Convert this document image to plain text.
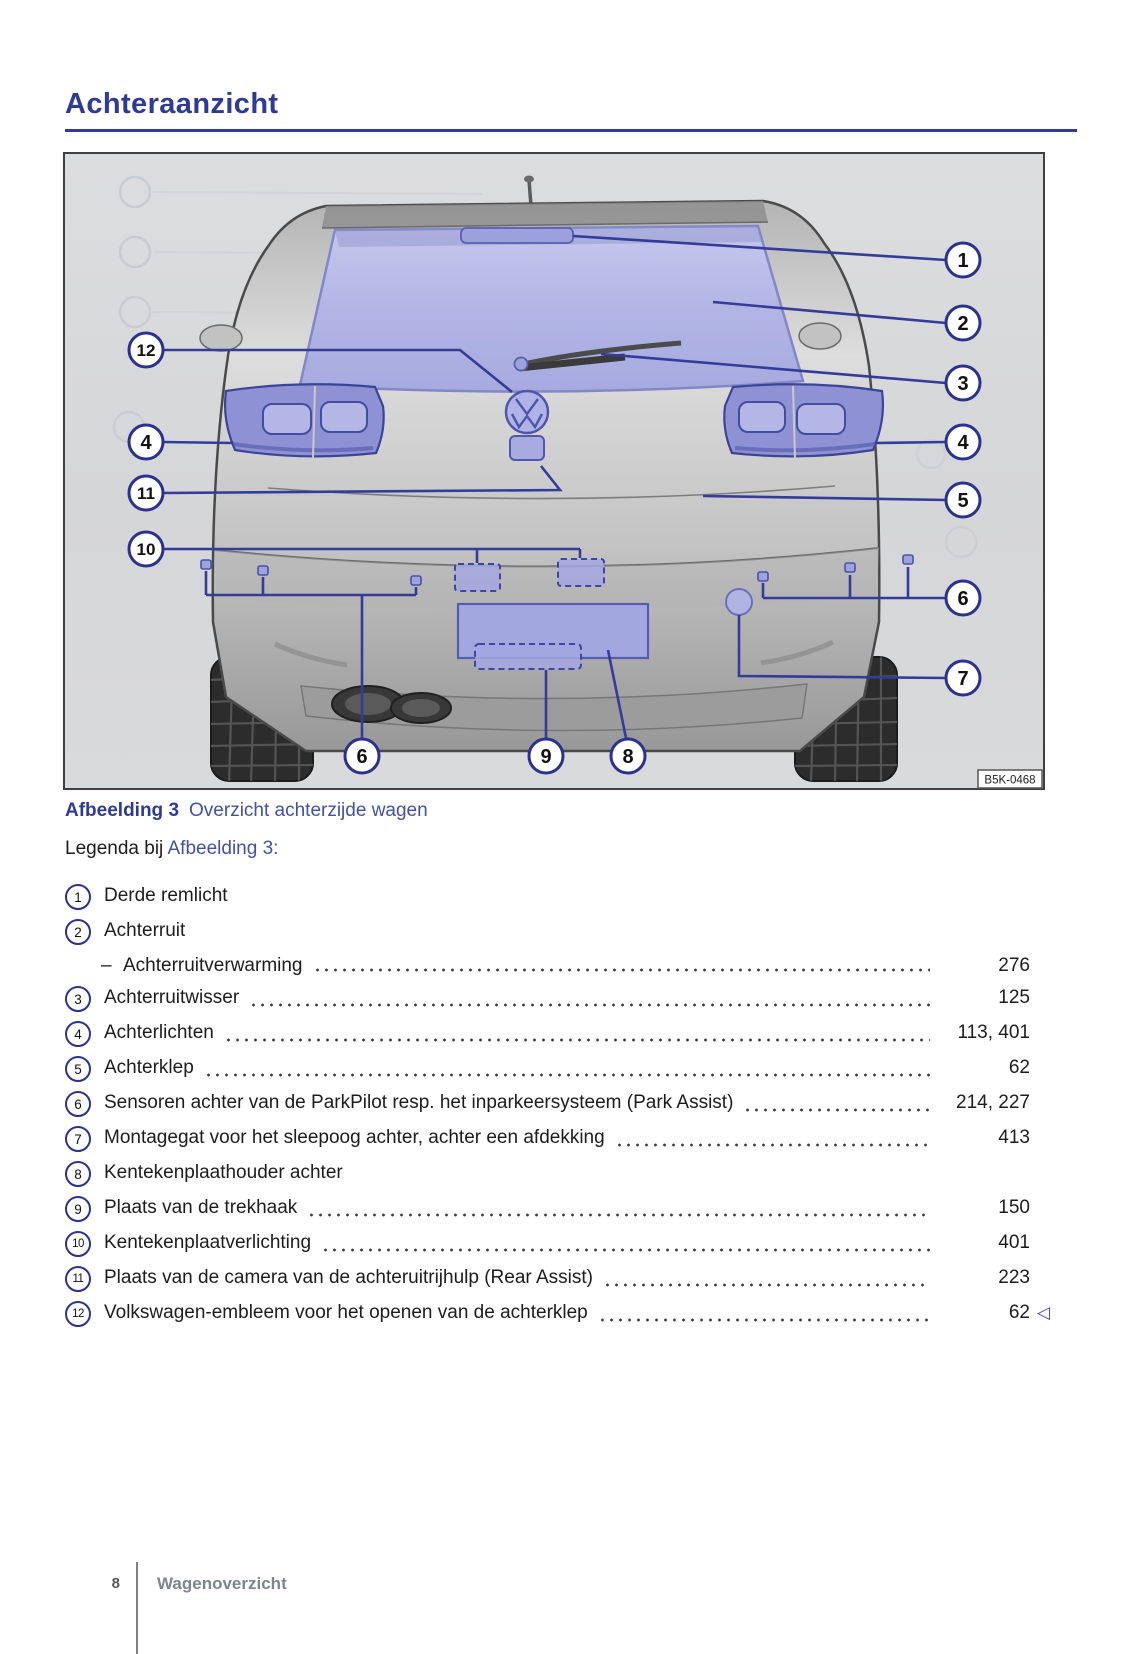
Achteraanzicht
1
2
3
4
5
6
7
12
4
11
10
6	9	8
B5K-0468

Afbeelding 3 Overzicht achterzijde wagen

Legenda bij Afbeelding 3:

1	Derde remlicht
2	Achterruit
– Achterruitverwarming	276
3	Achterruitwisser	125
4	Achterlichten	113, 401
5	Achterklep	62
6	Sensoren achter van de ParkPilot resp. het inparkeersysteem (Park Assist)	214, 227
7	Montagegat voor het sleepoog achter, achter een afdekking	413
8	Kentekenplaathouder achter
9	Plaats van de trekhaak	150
10	Kentekenplaatverlichting	401
11	Plaats van de camera van de achteruitrijhulp (Rear Assist)	223
12	Volkswagen-embleem voor het openen van de achterklep	62 ◁
8 Wagenoverzicht
